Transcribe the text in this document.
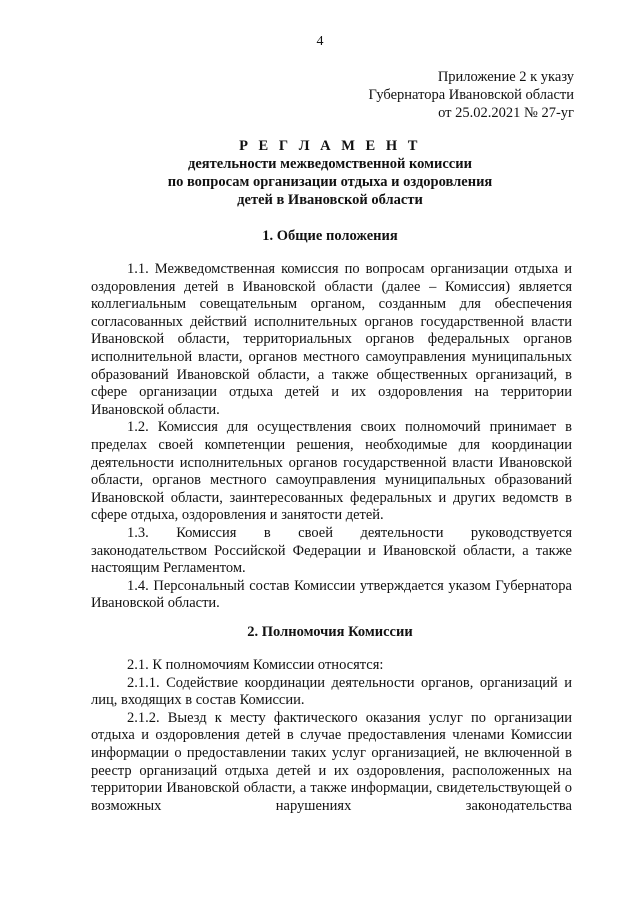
4
Приложение 2 к указу
Губернатора Ивановской области
от 25.02.2021 № 27-уг
Р Е Г Л А М Е Н Т
деятельности межведомственной комиссии
по вопросам организации отдыха и оздоровления
детей в Ивановской области
1. Общие положения

1.1. Межведомственная комиссия по вопросам организации отдыха и оздоровления детей в Ивановской области (далее – Комиссия) является коллегиальным совещательным органом, созданным для обеспечения согласованных действий исполнительных органов государственной власти Ивановской области, территориальных органов федеральных органов исполнительной власти, органов местного самоуправления муниципальных образований Ивановской области, а также общественных организаций, в сфере организации отдыха детей и их оздоровления на территории Ивановской области.

1.2. Комиссия для осуществления своих полномочий принимает в пределах своей компетенции решения, необходимые для координации деятельности исполнительных органов государственной власти Ивановской области, органов местного самоуправления муниципальных образований Ивановской области, заинтересованных федеральных и других ведомств в сфере отдыха, оздоровления и занятости детей.

1.3. Комиссия в своей деятельности руководствуется законодательством Российской Федерации и Ивановской области, а также настоящим Регламентом.

1.4. Персональный состав Комиссии утверждается указом Губернатора Ивановской области.

2. Полномочия Комиссии

2.1. К полномочиям Комиссии относятся:

2.1.1. Содействие координации деятельности органов, организаций и лиц, входящих в состав Комиссии.

2.1.2. Выезд к месту фактического оказания услуг по организации отдыха и оздоровления детей в случае предоставления членами Комиссии информации о предоставлении таких услуг организацией, не включенной в реестр организаций отдыха детей и их оздоровления, расположенных на территории Ивановской области, а также информации, свидетельствующей о возможных нарушениях законодательства
